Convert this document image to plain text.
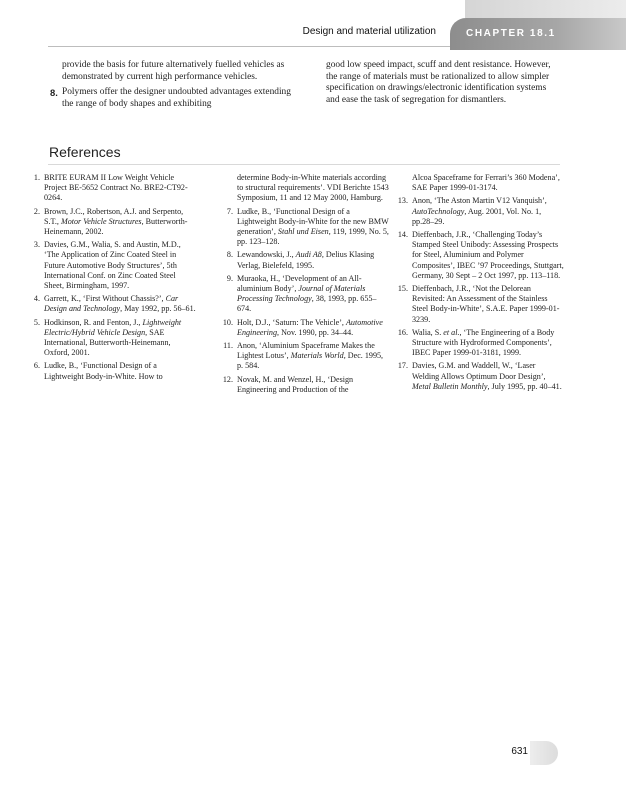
Design and material utilization	CHAPTER 18.1

provide the basis for future alternatively fuelled vehicles as demonstrated by current high performance vehicles.

8. Polymers offer the designer undoubted advantages extending the range of body shapes and exhibiting

good low speed impact, scuff and dent resistance. However, the range of materials must be rationalized to allow simpler specification on drawings/electronic identification systems and ease the task of segregation for dismantlers.

References
1. BRITE EURAM II Low Weight Vehicle Project BE-5652 Contract No. BRE2-CT92-0264.
2. Brown, J.C., Robertson, A.J. and Serpento, S.T., Motor Vehicle Structures, Butterworth-Heinemann, 2002.
3. Davies, G.M., Walia, S. and Austin, M.D., ‘The Application of Zinc Coated Steel in Future Automotive Body Structures’, 5th International Conf. on Zinc Coated Steel Sheet, Birmingham, 1997.
4. Garrett, K., ‘First Without Chassis?’, Car Design and Technology, May 1992, pp. 56–61.
5. Hodkinson, R. and Fenton, J., Lightweight Electric/Hybrid Vehicle Design, SAE International, Butterworth-Heinemann, Oxford, 2001.
6. Ludke, B., ‘Functional Design of a Lightweight Body-in-White. How to
determine Body-in-White materials according to structural requirements’. VDI Berichte 1543 Symposium, 11 and 12 May 2000, Hamburg.
7. Ludke, B., ‘Functional Design of a Lightweight Body-in-White for the new BMW generation’, Stahl und Eisen, 119, 1999, No. 5, pp. 123–128.
8. Lewandowski, J., Audi A8, Delius Klasing Verlag, Bielefeld, 1995.
9. Muraoka, H., ‘Development of an All-aluminium Body’, Journal of Materials Processing Technology, 38, 1993, pp. 655–674.
10. Holt, D.J., ‘Saturn: The Vehicle’, Automotive Engineering, Nov. 1990, pp. 34–44.
11. Anon, ‘Aluminium Spaceframe Makes the Lightest Lotus’, Materials World, Dec. 1995, p. 584.
12. Novak, M. and Wenzel, H., ‘Design Engineering and Production of the
Alcoa Spaceframe for Ferrari’s 360 Modena’, SAE Paper 1999-01-3174.
13. Anon, ‘The Aston Martin V12 Vanquish’, AutoTechnology, Aug. 2001, Vol. No. 1, pp.28–29.
14. Dieffenbach, J.R., ‘Challenging Today’s Stamped Steel Unibody: Assessing Prospects for Steel, Aluminium and Polymer Composites’, IBEC ’97 Proceedings, Stuttgart, Germany, 30 Sept – 2 Oct 1997, pp. 113–118.
15. Dieffenbach, J.R., ‘Not the Delorean Revisited: An Assessment of the Stainless Steel Body-in-White’, S.A.E. Paper 1999-01-3239.
16. Walia, S. et al., ‘The Engineering of a Body Structure with Hydroformed Components’, IBEC Paper 1999-01-3181, 1999.
17. Davies, G.M. and Waddell, W., ‘Laser Welding Allows Optimum Door Design’, Metal Bulletin Monthly, July 1995, pp. 40–41.
631
